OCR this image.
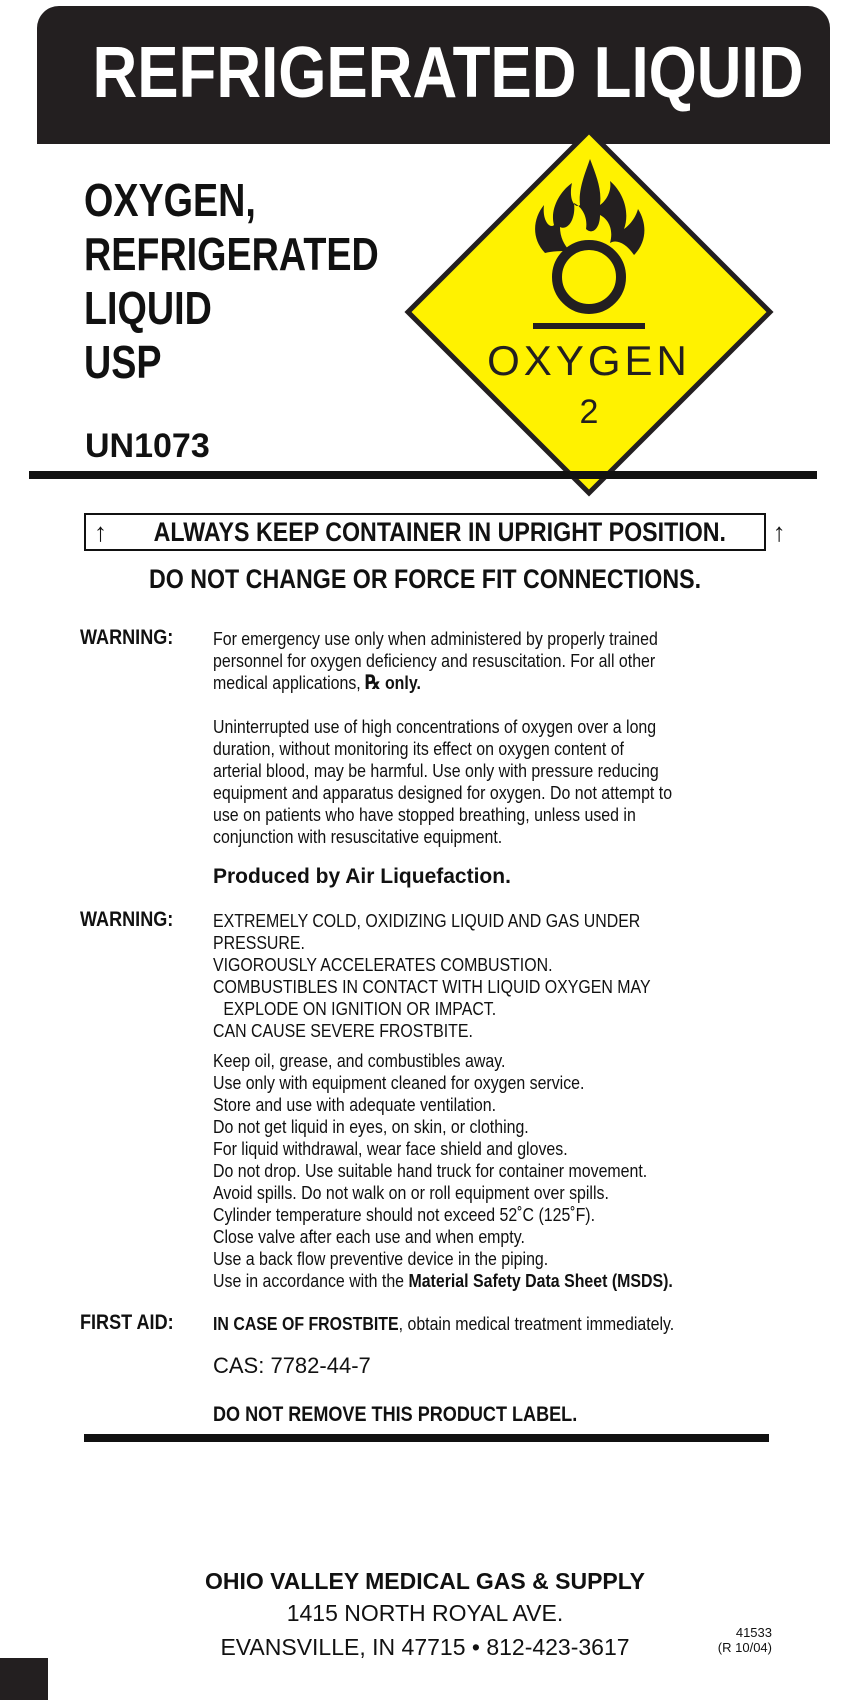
REFRIGERATED LIQUID
OXYGEN,
REFRIGERATED
LIQUID
USP
UN1073
OXYGEN
2
↑ ALWAYS KEEP CONTAINER IN UPRIGHT POSITION. ↑
DO NOT CHANGE OR FORCE FIT CONNECTIONS.
WARNING: For emergency use only when administered by properly trained
personnel for oxygen deficiency and resuscitation. For all other
medical applications, ℞ only.
Uninterrupted use of high concentrations of oxygen over a long
duration, without monitoring its effect on oxygen content of
arterial blood, may be harmful. Use only with pressure reducing
equipment and apparatus designed for oxygen. Do not attempt to
use on patients who have stopped breathing, unless used in
conjunction with resuscitative equipment.
Produced by Air Liquefaction.
WARNING: EXTREMELY COLD, OXIDIZING LIQUID AND GAS UNDER
PRESSURE.
VIGOROUSLY ACCELERATES COMBUSTION.
COMBUSTIBLES IN CONTACT WITH LIQUID OXYGEN MAY
EXPLODE ON IGNITION OR IMPACT.
CAN CAUSE SEVERE FROSTBITE.
Keep oil, grease, and combustibles away.
Use only with equipment cleaned for oxygen service.
Store and use with adequate ventilation.
Do not get liquid in eyes, on skin, or clothing.
For liquid withdrawal, wear face shield and gloves.
Do not drop. Use suitable hand truck for container movement.
Avoid spills. Do not walk on or roll equipment over spills.
Cylinder temperature should not exceed 52˚C (125˚F).
Close valve after each use and when empty.
Use a back flow preventive device in the piping.
Use in accordance with the Material Safety Data Sheet (MSDS).
FIRST AID: IN CASE OF FROSTBITE, obtain medical treatment immediately.
CAS: 7782-44-7
DO NOT REMOVE THIS PRODUCT LABEL.
OHIO VALLEY MEDICAL GAS & SUPPLY
1415 NORTH ROYAL AVE.
EVANSVILLE, IN 47715 • 812-423-3617
41533
(R 10/04)
